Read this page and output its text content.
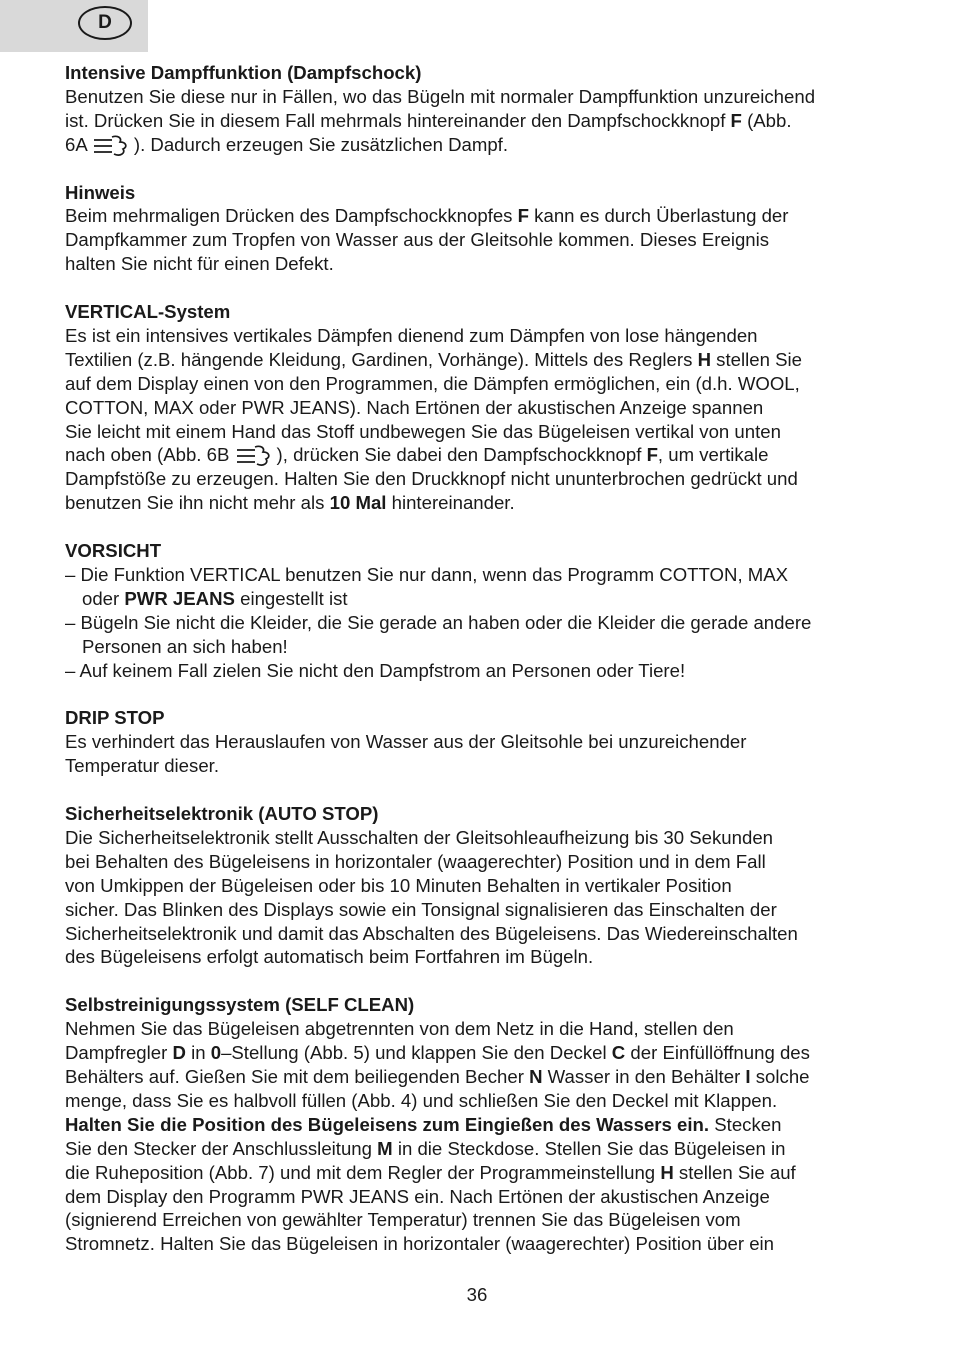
D
Intensive Dampffunktion (Dampfschock)
Benutzen Sie diese nur in Fällen, wo das Bügeln mit normaler Dampffunktion unzureichend
ist. Drücken Sie in diesem Fall mehrmals hintereinander den Dampfschockknopf F (Abb.
6A
). Dadurch erzeugen Sie zusätzlichen Dampf.
Hinweis
Beim mehrmaligen Drücken des Dampfschockknopfes F kann es durch Überlastung der
Dampfkammer zum Tropfen von Wasser aus der Gleitsohle kommen. Dieses Ereignis
halten Sie nicht für einen Defekt.
VERTICAL-System
Es ist ein intensives vertikales Dämpfen dienend zum Dämpfen von lose hängenden
Textilien (z.B. hängende Kleidung, Gardinen, Vorhänge). Mittels des Reglers H stellen Sie
auf dem Display einen von den Programmen, die Dämpfen ermöglichen, ein (d.h. WOOL,
COTTON, MAX oder PWR JEANS). Nach Ertönen der akustischen Anzeige spannen
Sie leicht mit einem Hand das Stoff undbewegen Sie das Bügeleisen vertikal von unten
nach oben (Abb. 6B
), drücken Sie dabei den Dampfschockknopf F, um vertikale
Dampfstöße zu erzeugen. Halten Sie den Druckknopf nicht ununterbrochen gedrückt und
benutzen Sie ihn nicht mehr als 10 Mal hintereinander.
VORSICHT
– Die Funktion VERTICAL benutzen Sie nur dann, wenn das Programm COTTON, MAX
oder PWR JEANS eingestellt ist
– Bügeln Sie nicht die Kleider, die Sie gerade an haben oder die Kleider die gerade andere
Personen an sich haben!
– Auf keinem Fall zielen Sie nicht den Dampfstrom an Personen oder Tiere!
DRIP STOP
Es verhindert das Herauslaufen von Wasser aus der Gleitsohle bei unzureichender
Temperatur dieser.
Sicherheitselektronik (AUTO STOP)
Die Sicherheitselektronik stellt Ausschalten der Gleitsohleaufheizung bis 30 Sekunden
bei Behalten des Bügeleisens in horizontaler (waagerechter) Position und in dem Fall
von Umkippen der Bügeleisen oder bis 10 Minuten Behalten in vertikaler Position
sicher. Das Blinken des Displays sowie ein Tonsignal signalisieren das Einschalten der
Sicherheitselektronik und damit das Abschalten des Bügeleisens. Das Wiedereinschalten
des Bügeleisens erfolgt automatisch beim Fortfahren im Bügeln.
Selbstreinigungssystem (SELF CLEAN)
Nehmen Sie das Bügeleisen abgetrennten von dem Netz in die Hand, stellen den
Dampfregler D in 0–Stellung (Abb. 5) und klappen Sie den Deckel C der Einfüllöffnung des
Behälters auf. Gießen Sie mit dem beiliegenden Becher N Wasser in den Behälter I solche
menge, dass Sie es halbvoll füllen (Abb. 4) und schließen Sie den Deckel mit Klappen.
Halten Sie die Position des Bügeleisens zum Eingießen des Wassers ein. Stecken
Sie den Stecker der Anschlussleitung M in die Steckdose. Stellen Sie das Bügeleisen in
die Ruheposition (Abb. 7) und mit dem Regler der Programmeinstellung H stellen Sie auf
dem Display den Programm PWR JEANS ein. Nach Ertönen der akustischen Anzeige
(signierend Erreichen von gewählter Temperatur) trennen Sie das Bügeleisen vom
Stromnetz. Halten Sie das Bügeleisen in horizontaler (waagerechter) Position über ein
36
